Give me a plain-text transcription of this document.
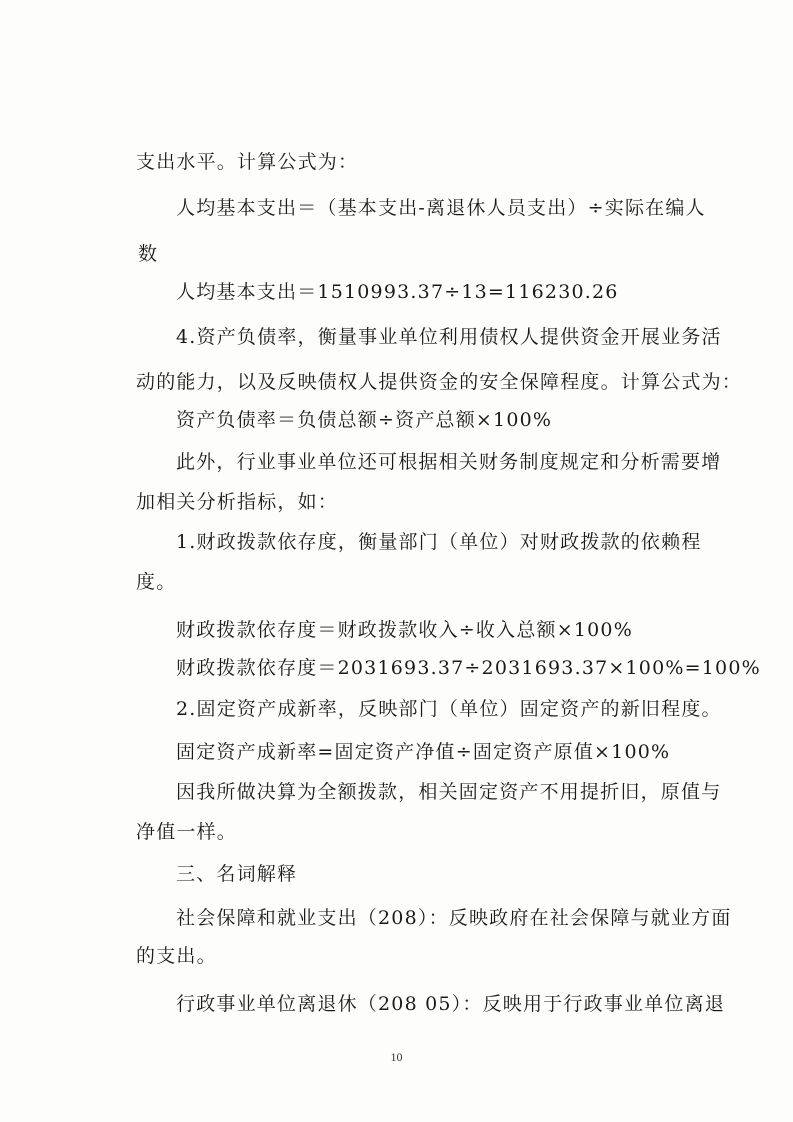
支出水平。计算公式为：
人均基本支出＝（基本支出-离退休人员支出）÷实际在编人
数
人均基本支出＝1510993.37÷13=116230.26
4.资产负债率，衡量事业单位利用债权人提供资金开展业务活
动的能力，以及反映债权人提供资金的安全保障程度。计算公式为：
资产负债率＝负债总额÷资产总额×100%
此外，行业事业单位还可根据相关财务制度规定和分析需要增
加相关分析指标，如：
1.财政拨款依存度，衡量部门（单位）对财政拨款的依赖程
度。
财政拨款依存度＝财政拨款收入÷收入总额×100%
财政拨款依存度＝2031693.37÷2031693.37×100%=100%
2.固定资产成新率，反映部门（单位）固定资产的新旧程度。
固定资产成新率=固定资产净值÷固定资产原值×100%
因我所做决算为全额拨款，相关固定资产不用提折旧，原值与
净值一样。
三、名词解释
社会保障和就业支出（208）：反映政府在社会保障与就业方面
的支出。
行政事业单位离退休（208 05）：反映用于行政事业单位离退
10
